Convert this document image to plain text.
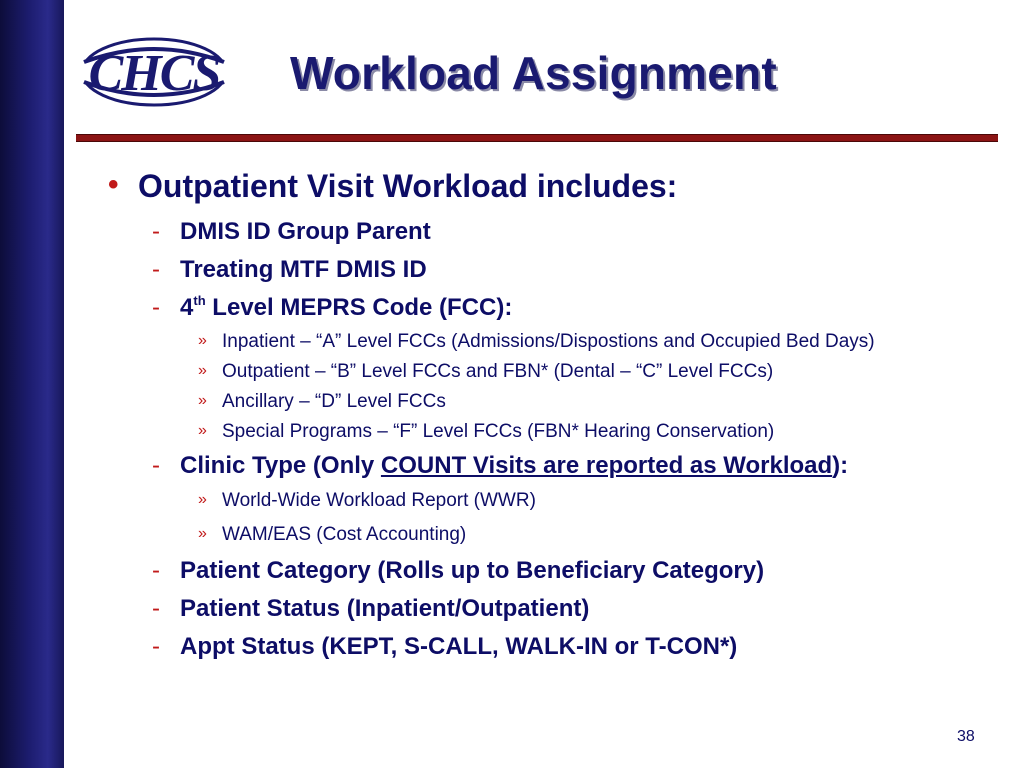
CHCS Workload Assignment
• Outpatient Visit Workload includes:
- DMIS ID Group Parent
- Treating MTF DMIS ID
- 4th Level MEPRS Code (FCC):
» Inpatient – “A” Level FCCs (Admissions/Dispostions and Occupied Bed Days)
» Outpatient – “B” Level FCCs and FBN* (Dental – “C” Level FCCs)
» Ancillary – “D” Level FCCs
» Special Programs – “F” Level FCCs (FBN* Hearing Conservation)
- Clinic Type (Only COUNT Visits are reported as Workload):
» World-Wide Workload Report (WWR)
» WAM/EAS (Cost Accounting)
- Patient Category (Rolls up to Beneficiary Category)
- Patient Status (Inpatient/Outpatient)
- Appt Status (KEPT, S-CALL, WALK-IN or T-CON*)
38
